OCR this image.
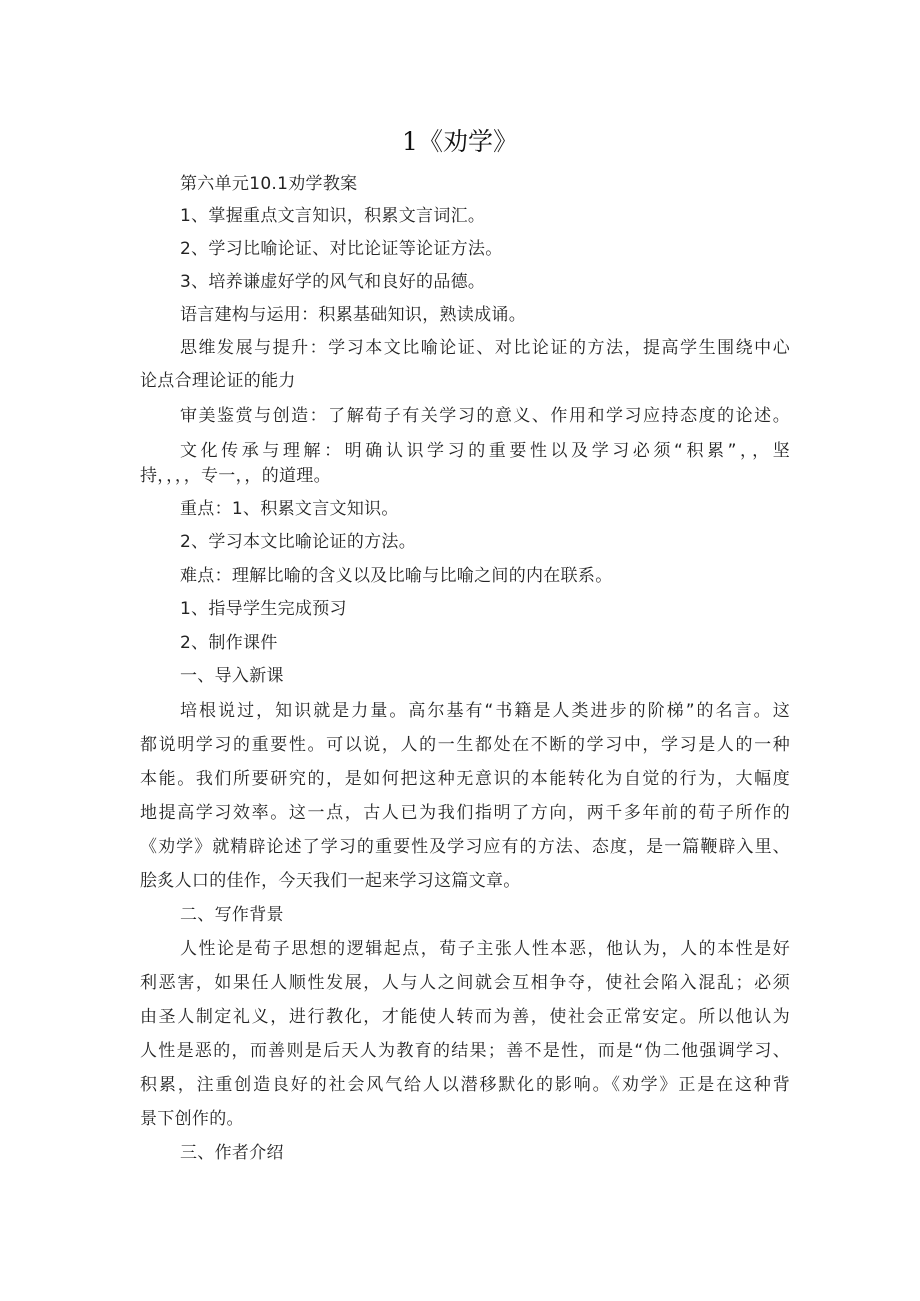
1《劝学》
第六单元10.1劝学教案
1、掌握重点文言知识，积累文言词汇。
2、学习比喻论证、对比论证等论证方法。
3、培养谦虚好学的风气和良好的品德。
语言建构与运用：积累基础知识，熟读成诵。
思维发展与提升：学习本文比喻论证、对比论证的方法，提高学生围绕中心
论点合理论证的能力
审美鉴赏与创造：了解荀子有关学习的意义、作用和学习应持态度的论述。
文化传承与理解：明确认识学习的重要性以及学习必须“积累”，，坚
持，，，，专一，，的道理。
重点：1、积累文言文知识。
2、学习本文比喻论证的方法。
难点：理解比喻的含义以及比喻与比喻之间的内在联系。
1、指导学生完成预习
2、制作课件
一、导入新课
培根说过，知识就是力量。高尔基有“书籍是人类进步的阶梯”的名言。这
都说明学习的重要性。可以说，人的一生都处在不断的学习中，学习是人的一种
本能。我们所要研究的，是如何把这种无意识的本能转化为自觉的行为，大幅度
地提高学习效率。这一点，古人已为我们指明了方向，两千多年前的荀子所作的
《劝学》就精辟论述了学习的重要性及学习应有的方法、态度，是一篇鞭辟入里、
脍炙人口的佳作，今天我们一起来学习这篇文章。
二、写作背景
人性论是荀子思想的逻辑起点，荀子主张人性本恶，他认为，人的本性是好
利恶害，如果任人顺性发展，人与人之间就会互相争夺，使社会陷入混乱；必须
由圣人制定礼义，进行教化，才能使人转而为善，使社会正常安定。所以他认为
人性是恶的，而善则是后天人为教育的结果；善不是性，而是“伪二他强调学习、
积累，注重创造良好的社会风气给人以潜移默化的影响。《劝学》正是在这种背
景下创作的。
三、作者介绍
